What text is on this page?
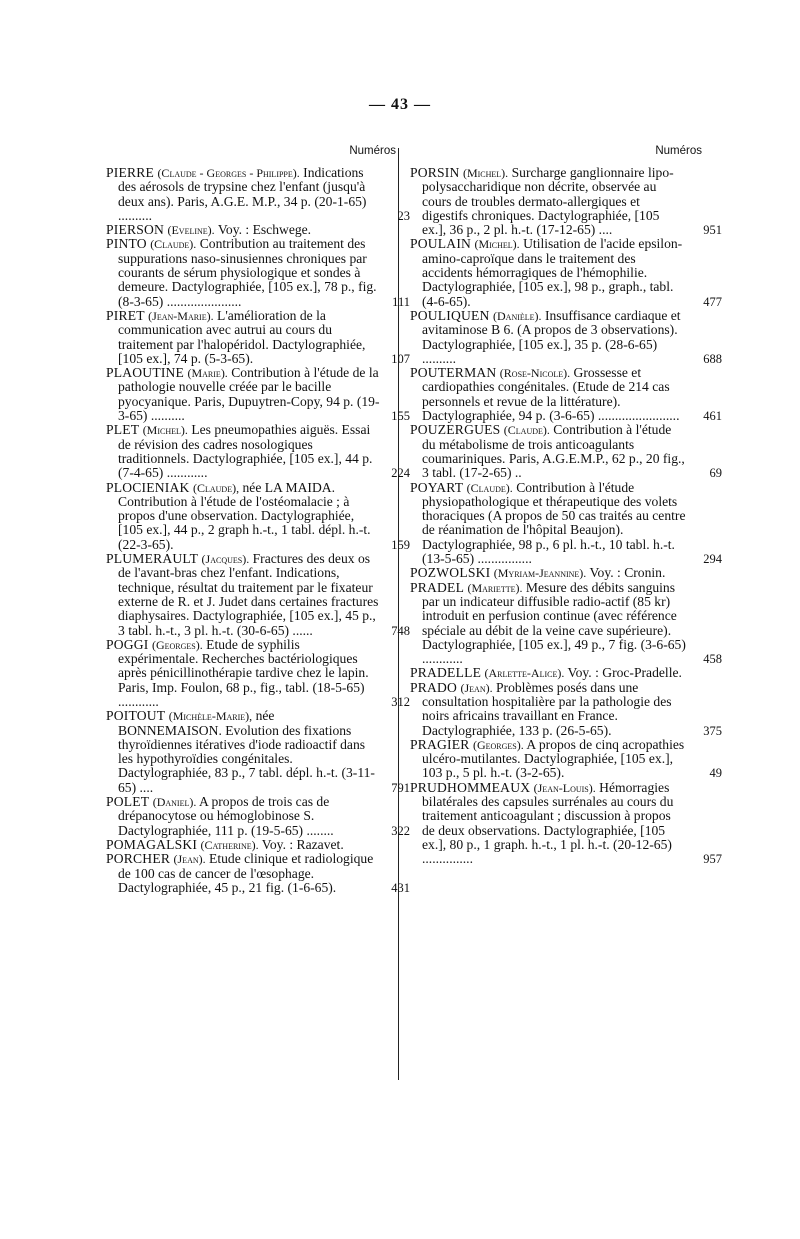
— 43 —
Numéros

PIERRE (Claude - Georges - Philippe). Indications des aérosols de trypsine chez l'enfant (jusqu'à deux ans). Paris, A.G.E. M.P., 34 p. (20-1-65) ..........	23

PIERSON (Eveline). Voy. : Eschwege.

PINTO (Claude). Contribution au traitement des suppurations naso-sinusiennes chroniques par courants de sérum physiologique et sondes à demeure. Dactylographiée, [105 ex.], 78 p., fig. (8-3-65) ......................	111

PIRET (Jean-Marie). L'amélioration de la communication avec autrui au cours du traitement par l'halopéridol. Dactylographiée, [105 ex.], 74 p. (5-3-65).	107

PLAOUTINE (Marie). Contribution à l'étude de la pathologie nouvelle créée par le bacille pyocyanique. Paris, Dupuytren-Copy, 94 p. (19-3-65) ..........	155

PLET (Michel). Les pneumopathies aiguës. Essai de révision des cadres nosologiques traditionnels. Dactylographiée, [105 ex.], 44 p. (7-4-65) ............	224

PLOCIENIAK (Claude), née LA MAIDA. Contribution à l'étude de l'ostéomalacie ; à propos d'une observation. Dactylographiée, [105 ex.], 44 p., 2 graph h.-t., 1 tabl. dépl. h.-t. (22-3-65).	159

PLUMERAULT (Jacques). Fractures des deux os de l'avant-bras chez l'enfant. Indications, technique, résultat du traitement par le fixateur externe de R. et J. Judet dans certaines fractures diaphysaires. Dactylographiée, [105 ex.], 45 p., 3 tabl. h.-t., 3 pl. h.-t. (30-6-65) ......	748

POGGI (Georges). Etude de syphilis expérimentale. Recherches bactériologiques après pénicillinothérapie tardive chez le lapin. Paris, Imp. Foulon, 68 p., fig., tabl. (18-5-65) ............	312

POITOUT (Michèle-Marie), née BONNEMAISON. Evolution des fixations thyroïdiennes itératives d'iode radioactif dans les hypothyroïdies congénitales. Dactylographiée, 83 p., 7 tabl. dépl. h.-t. (3-11-65) ....	791

POLET (Daniel). A propos de trois cas de drépanocytose ou hémoglobinose S. Dactylographiée, 111 p. (19-5-65) ........	322

POMAGALSKI (Catherine). Voy. : Razavet.

PORCHER (Jean). Etude clinique et radiologique de 100 cas de cancer de l'œsophage. Dactylographiée, 45 p., 21 fig. (1-6-65).	431

Numéros

PORSIN (Michel). Surcharge ganglionnaire lipo-polysaccharidique non décrite, observée au cours de troubles dermato-allergiques et digestifs chroniques. Dactylographiée, [105 ex.], 36 p., 2 pl. h.-t. (17-12-65) ....	951

POULAIN (Michel). Utilisation de l'acide epsilon-amino-caproïque dans le traitement des accidents hémorragiques de l'hémophilie. Dactylographiée, [105 ex.], 98 p., graph., tabl. (4-6-65).	477

POULIQUEN (Danièle). Insuffisance cardiaque et avitaminose B 6. (A propos de 3 observations). Dactylographiée, [105 ex.], 35 p. (28-6-65) ..........	688

POUTERMAN (Rose-Nicole). Grossesse et cardiopathies congénitales. (Etude de 214 cas personnels et revue de la littérature). Dactylographiée, 94 p. (3-6-65) ........................ 461

POUZERGUES (Claude). Contribution à l'étude du métabolisme de trois anticoagulants coumariniques. Paris, A.G.E.M.P., 62 p., 20 fig., 3 tabl. (17-2-65) ..	69

POYART (Claude). Contribution à l'étude physiopathologique et thérapeutique des volets thoraciques (A propos de 50 cas traités au centre de réanimation de l'hôpital Beaujon). Dactylographiée, 98 p., 6 pl. h.-t., 10 tabl. h.-t. (13-5-65) ................	294

POZWOLSKI (Myriam-Jeannine). Voy. : Cronin.

PRADEL (Mariette). Mesure des débits sanguins par un indicateur diffusible radio-actif (85 kr) introduit en perfusion continue (avec référence spéciale au débit de la veine cave supérieure). Dactylographiée, [105 ex.], 49 p., 7 fig. (3-6-65) ............	458

PRADELLE (Arlette-Alice). Voy. : Groc-Pradelle.

PRADO (Jean). Problèmes posés dans une consultation hospitalière par la pathologie des noirs africains travaillant en France. Dactylographiée, 133 p. (26-5-65).	375

PRAGIER (Georges). A propos de cinq acropathies ulcéro-mutilantes. Dactylographiée, [105 ex.], 103 p., 5 pl. h.-t. (3-2-65).	49

PRUDHOMMEAUX (Jean-Louis). Hémorragies bilatérales des capsules surrénales au cours du traitement anticoagulant ; discussion à propos de deux observations. Dactylographiée, [105 ex.], 80 p., 1 graph. h.-t., 1 pl. h.-t. (20-12-65) ...............	957
